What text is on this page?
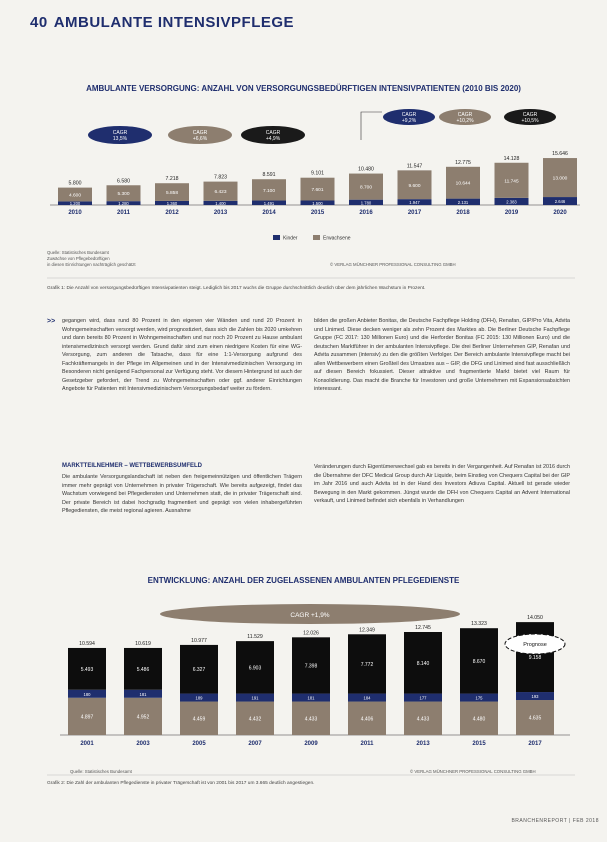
40 AMBULANTE INTENSIVPFLEGE
AMBULANTE VERSORGUNG: ANZAHL VON VERSORGUNGSBEDÜRFTIGEN INTENSIVPATIENTEN (2010 BIS 2020)
CAGR
13,5%
CAGR
+6,6%
CAGR
+4,9%
CAGR
+9,2%
CAGR
+10,2%
CAGR
+10,5%
4.600
1.200
5.800
2010
5.300
1.280
6.580
2011
5.858
1.360
7.218
2012
6.423
1.400
7.823
2013
7.100
1.491
8.591
2014
7.601
1.500
9.101
2015
8.700
1.780
10.480
2016
9.600
1.947
11.547
2017
10.644
2.131
12.775
2018
11.745
2.383
14.128
2019
13.000
2.646
15.646
2020
Kinder	Erwachsene
Quelle: Statistisches Bundesamt
Zuwächse von Pflegebedürftigen
in diesen Einrichtungen nachträglich geschätzt	© VERLAG MÜNCHNER PROFESSIONAL CONSULTING GMBH
Grafik 1: Die Anzahl von versorgungsbedürftigen Intensivpatienten steigt. Lediglich bis 2017 wuchs die Gruppe durchschnittlich deutlich über dem jährlichen Wachstum in Prozent.
>> gegangen wird, dass rund 80 Prozent in den eigenen vier Wänden und rund 20 Prozent in Wohngemeinschaften versorgt werden, wird prognostiziert, dass sich die Zahlen bis 2020 umkehren und dann bereits 80 Prozent in Wohngemeinschaften und nur noch 20 Prozent zu Hause ambulant intensivmedizinisch versorgt werden. Grund dafür sind zum einen niedrigere Kosten für eine WG-Versorgung, zum anderen die Tatsache, dass für eine 1:1-Versorgung aufgrund des Fachkräftemangels in der Pflege im Allgemeinen und in der Intensivmedizinischen Versorgung im Besonderen nicht genügend Fachpersonal zur Verfügung steht. Vor diesem Hintergrund ist auch der Gesetzgeber gefordert, der Trend zu Wohngemeinschaften oder ggf. anderer Einrichtungen Angebote für Patienten mit Intensivmedizinischem Versorgungsbedarf weiter zu fördern.
MARKTTEILNEHMER – WETTBEWERBSUMFELD
Die ambulante Versorgungslandschaft ist neben den freigemeinnützigen und öffentlichen Trägern immer mehr geprägt von Unternehmen in privater Trägerschaft. Wie bereits aufgezeigt, findet das Wachstum vorwiegend bei Pflegediensten und Unternehmen statt, die in privater Trägerschaft sind. Der private Bereich ist dabei hochgradig fragmentiert und geprägt von vielen inhabergeführten Pflegediensten, die meist regional agieren. Ausnahme
bilden die großen Anbieter Bonitas, die Deutsche Fachpflege Holding (DFH), Renafan, GIP/Pro Vita, Advita und Linimed. Diese decken weniger als zehn Prozent des Marktes ab. Die Berliner Deutsche Fachpflege Gruppe (FC 2017: 130 Millionen Euro) und die Herforder Bonitas (FC 2015: 130 Millionen Euro) und die deutschen Marktführer in der ambulanten Intensivpflege. Die drei Berliner Unternehmen GIP, Renafan und Advita zusammen (intensiv) zu den die größten Verfolger. Der Bereich ambulante Intensivpflege macht bei allen Wettbewerbern einen Großteil des Umsatzes aus – GIP, die DFG und Linimed sind fast ausschließlich auf diesen Bereich fokussiert. Dieser attraktive und fragmentierte Markt bietet viel Raum für Konsolidierung. Das macht die Branche für Investoren und große Unternehmen mit Expansionsabsichten interessant.
Veränderungen durch Eigentümerwechsel gab es bereits in der Vergangenheit. Auf Renafan ist 2016 durch die Übernahme der DFC Medical Group durch Air Liquide, beim Einstieg von Chequers Capital bei der GIP im Jahr 2016 und auch Advita ist in der Hand des Investors Adiuva Capital. Aktuell ist gerade wieder Bewegung in den Markt gekommen. Jüngst wurde die DFH von Chequers Capital an Advent International verkauft, und Linimed befindet sich ebenfalls in Verhandlungen
ENTWICKLUNG: ANZAHL DER ZUGELASSENEN AMBULANTEN PFLEGEDIENSTE
CAGR +1,9%
4.897
180
5.493
10.594
2001
4.952
181
5.486
10.619
2003
4.459
189
6.327
10.977
2005
4.432
191
6.903
11.529
2007
4.433
181
7.398
12.026
2009
4.406
184
7.772
12.349
2011
4.433
177
8.140
12.745
2013
4.480
175
8.670
13.323
2015
4.635
193
9.158
14.050
2017
Prognose
Quelle: Statistisches Bundesamt	© VERLAG MÜNCHNER PROFESSIONAL CONSULTING GMBH
Grafik 2: Die Zahl der ambulanten Pflegedienste in privater Trägerschaft ist von 2001 bis 2017 um 3.665 deutlich angestiegen.
BRANCHENREPORT | FEB 2018
